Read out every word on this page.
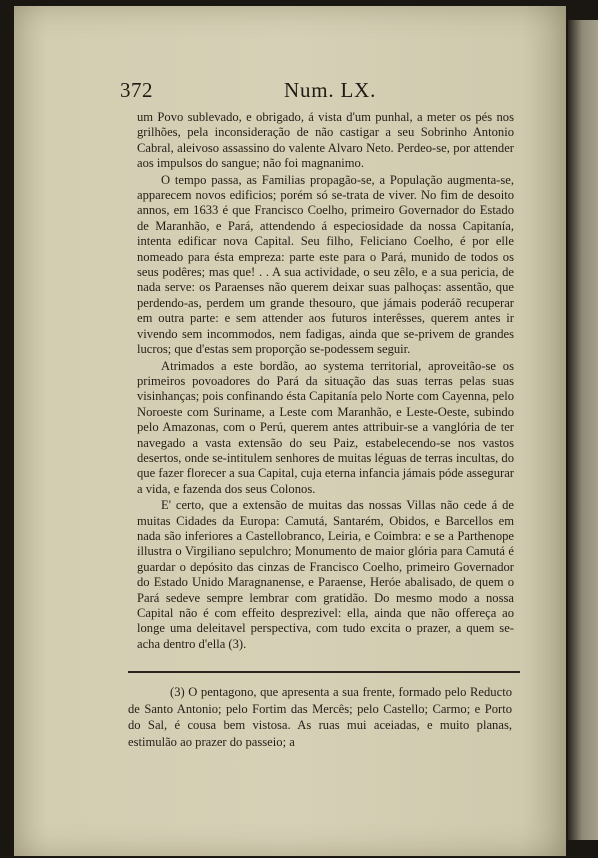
372	Num. LX.

um Povo sublevado, e obrigado, á vista d'um punhal, a meter os pés nos grilhões, pela inconsideração de não castigar a seu Sobrinho Antonio Cabral, aleivoso assassino do valente Alvaro Neto. Perdeo-se, por attender aos impulsos do sangue; não foi magnanimo.

O tempo passa, as Familias propagão-se, a População augmenta-se, apparecem novos edificios; porém só se-trata de viver. No fim de desoito annos, em 1633 é que Francisco Coelho, primeiro Governador do Estado de Maranhão, e Pará, attendendo á especiosidade da nossa Capitanía, intenta edificar nova Capital. Seu filho, Feliciano Coelho, é por elle nomeado para ésta empreza: parte este para o Pará, munido de todos os seus podêres; mas que! . . A sua actividade, o seu zêlo, e a sua pericia, de nada serve: os Paraenses não querem deixar suas palhoças: assentão, que perdendo-as, perdem um grande thesouro, que jámais poderáõ recuperar em outra parte: e sem attender aos futuros interêsses, querem antes ir vivendo sem incommodos, nem fadigas, ainda que se-privem de grandes lucros; que d'estas sem proporção se-podessem seguir.

Atrimados a este bordão, ao systema territorial, aproveitão-se os primeiros povoadores do Pará da situação das suas terras pelas suas visinhanças; pois confinando ésta Capitanía pelo Norte com Cayenna, pelo Noroeste com Suriname, a Leste com Maranhão, e Leste-Oeste, subindo pelo Amazonas, com o Perú, querem antes attribuir-se a vanglória de ter navegado a vasta extensão do seu Paiz, estabelecendo-se nos vastos desertos, onde se-intitulem senhores de muitas léguas de terras incultas, do que fazer florecer a sua Capital, cuja eterna infancia jámais póde assegurar a vida, e fazenda dos seus Colonos.

E' certo, que a extensão de muitas das nossas Villas não cede á de muitas Cidades da Europa: Camutá, Santarém, Obidos, e Barcellos em nada são inferiores a Castellobranco, Leiria, e Coimbra: e se a Parthenope illustra o Virgiliano sepulchro; Monumento de maior glória para Camutá é guardar o depósito das cinzas de Francisco Coelho, primeiro Governador do Estado Unido Maragnanense, e Paraense, Heróe abalisado, de quem o Pará sedeve sempre lembrar com gratidão. Do mesmo modo a nossa Capital não é com effeito desprezivel: ella, ainda que não offereça ao longe uma deleitavel perspectiva, com tudo excita o prazer, a quem se-acha dentro d'ella (3).

(3) O pentagono, que apresenta a sua frente, formado pelo Reducto de Santo Antonio; pelo Fortim das Mercês; pelo Castello; Carmo; e Porto do Sal, é cousa bem vistosa. As ruas mui aceiadas, e muito planas, estimulão ao prazer do passeio; a
